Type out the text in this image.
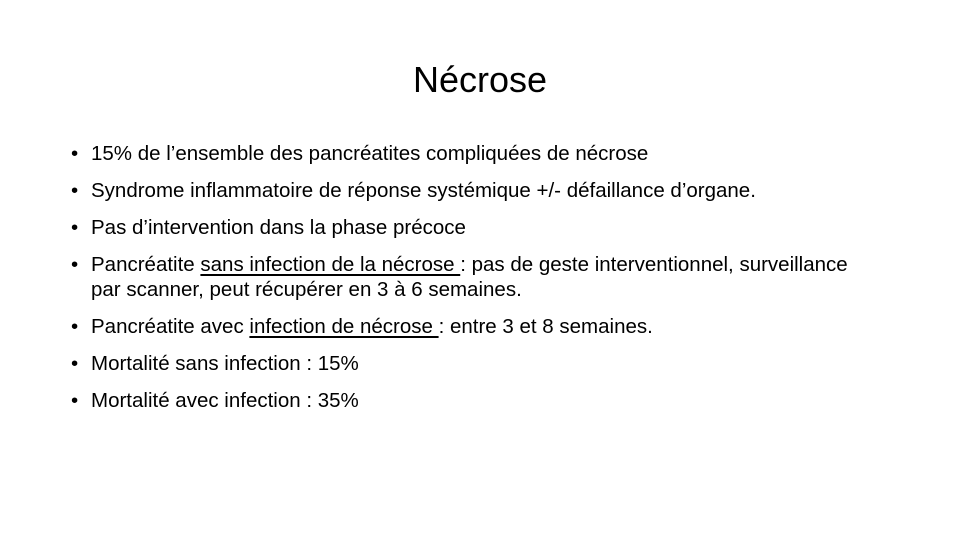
Nécrose
• 15% de l’ensemble des pancréatites compliquées de nécrose
• Syndrome inflammatoire de réponse systémique +/- défaillance d’organe.
• Pas d’intervention dans la phase précoce
• Pancréatite sans infection de la nécrose : pas de geste interventionnel, surveillance par scanner, peut récupérer en 3 à 6 semaines.
• Pancréatite avec infection de nécrose : entre 3 et 8 semaines.
• Mortalité sans infection : 15%
• Mortalité avec infection : 35%
